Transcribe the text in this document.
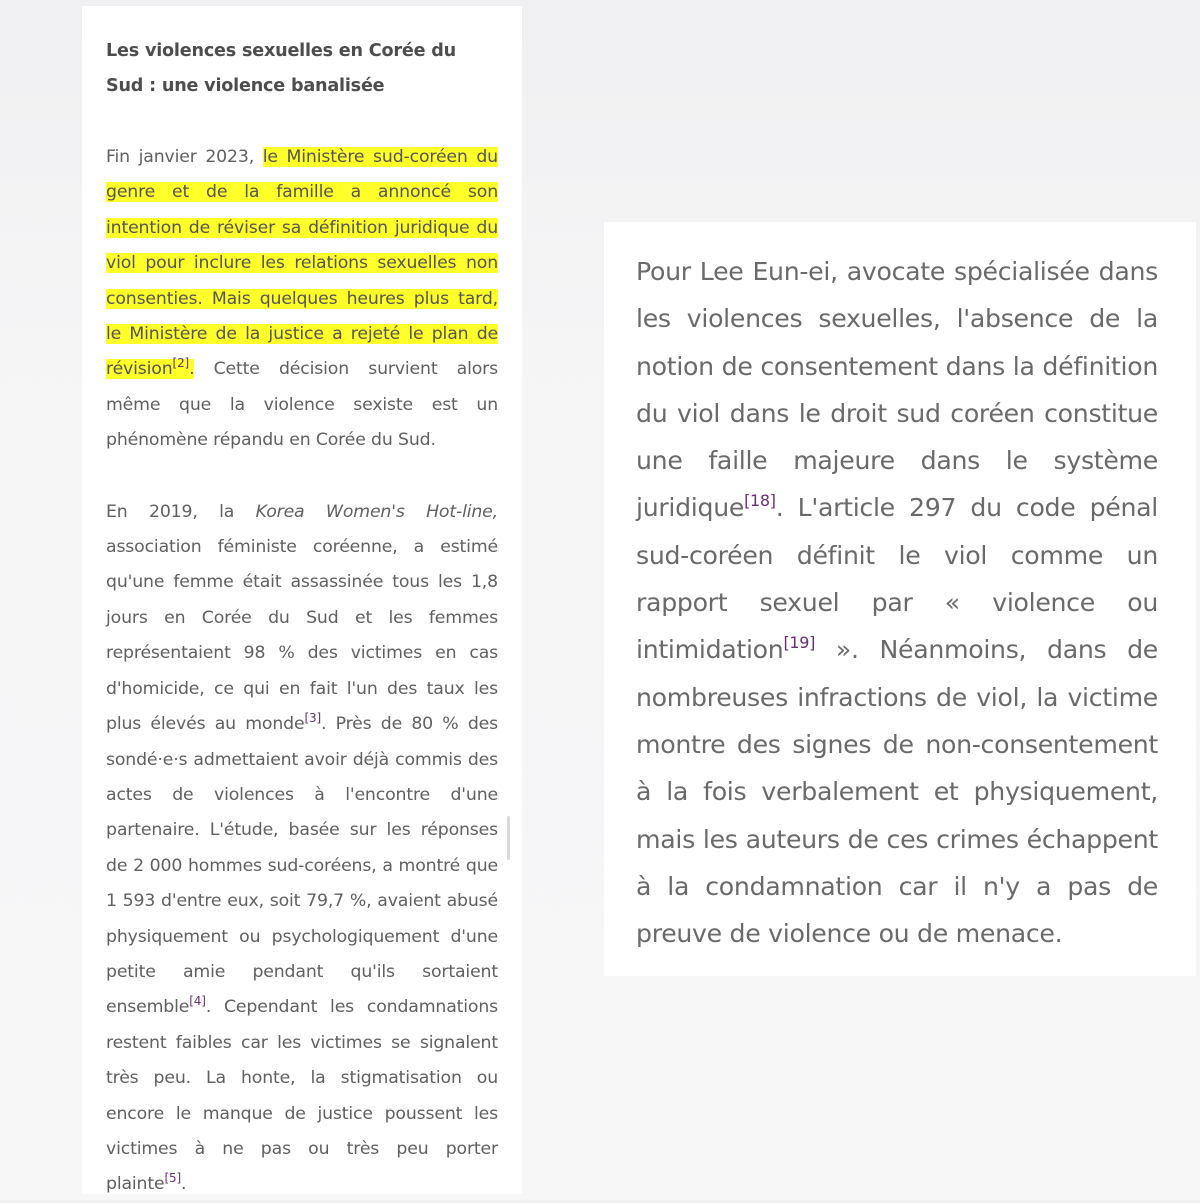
Les violences sexuelles en Corée du Sud : une violence banalisée

Fin janvier 2023, le Ministère sud-coréen du genre et de la famille a annoncé son intention de réviser sa définition juridique du viol pour inclure les relations sexuelles non consenties. Mais quelques heures plus tard, le Ministère de la justice a rejeté le plan de révision[2]. Cette décision survient alors même que la violence sexiste est un phénomène répandu en Corée du Sud.

En 2019, la Korea Women's Hot-line, association féministe coréenne, a estimé qu'une femme était assassinée tous les 1,8 jours en Corée du Sud et les femmes représentaient 98 % des victimes en cas d'homicide, ce qui en fait l'un des taux les plus élevés au monde[3]. Près de 80 % des sondé·e·s admettaient avoir déjà commis des actes de violences à l'encontre d'une partenaire. L'étude, basée sur les réponses de 2 000 hommes sud-coréens, a montré que 1 593 d'entre eux, soit 79,7 %, avaient abusé physiquement ou psychologiquement d'une petite amie pendant qu'ils sortaient ensemble[4]. Cependant les condamnations restent faibles car les victimes se signalent très peu. La honte, la stigmatisation ou encore le manque de justice poussent les victimes à ne pas ou très peu porter plainte[5].

Pour Lee Eun-ei, avocate spécialisée dans les violences sexuelles, l'absence de la notion de consentement dans la définition du viol dans le droit sud coréen constitue une faille majeure dans le système juridique[18]. L'article 297 du code pénal sud-coréen définit le viol comme un rapport sexuel par « violence ou intimidation[19] ». Néanmoins, dans de nombreuses infractions de viol, la victime montre des signes de non-consentement à la fois verbalement et physiquement, mais les auteurs de ces crimes échappent à la condamnation car il n'y a pas de preuve de violence ou de menace.
